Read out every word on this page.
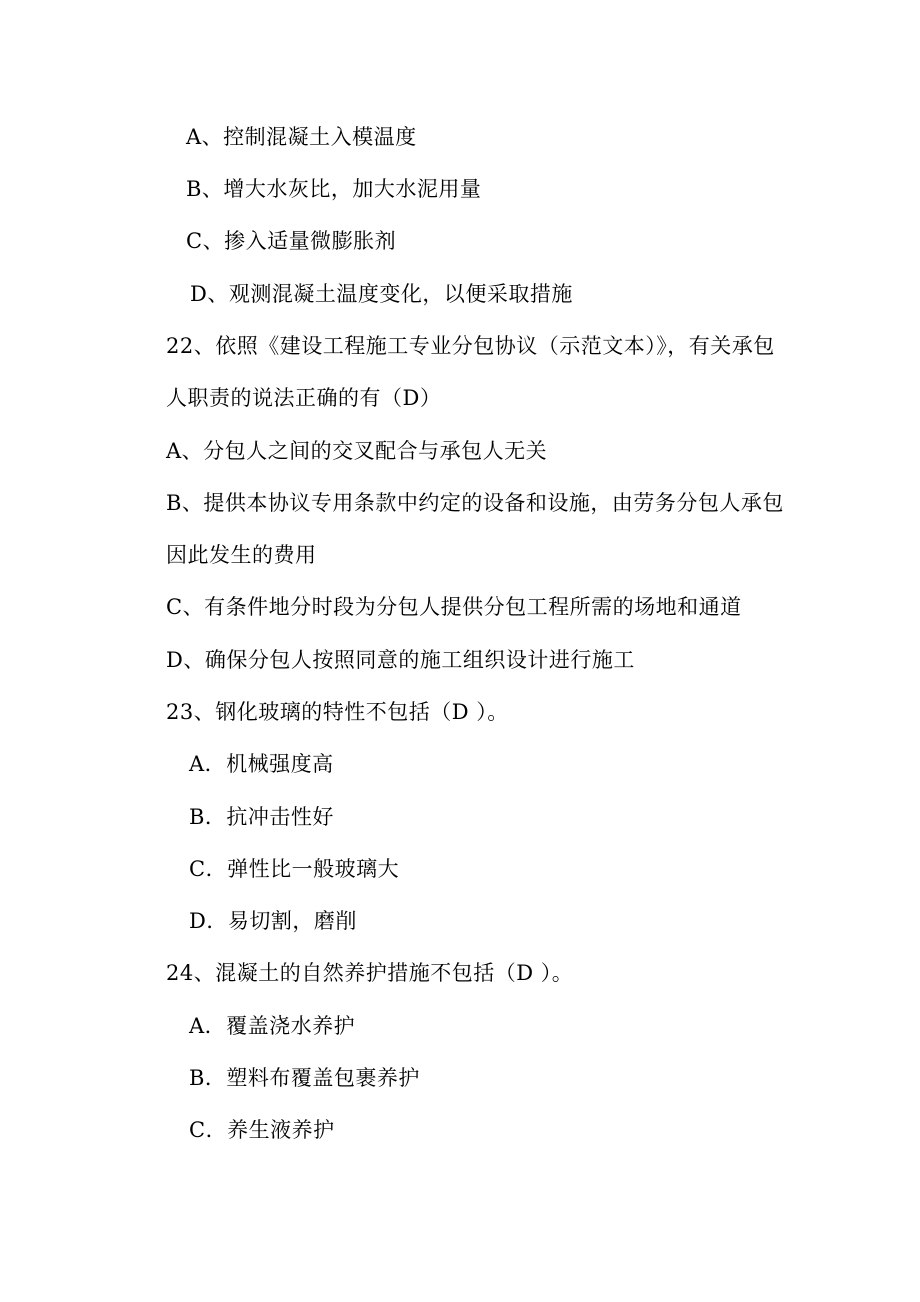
A、控制混凝土入模温度
B、增大水灰比，加大水泥用量
C、掺入适量微膨胀剂
D、观测混凝土温度变化，以便采取措施
22、依照《建设工程施工专业分包协议（示范文本）》，有关承包
人职责的说法正确的有（D）
A、分包人之间的交叉配合与承包人无关
B、提供本协议专用条款中约定的设备和设施，由劳务分包人承包
因此发生的费用
C、有条件地分时段为分包人提供分包工程所需的场地和通道
D、确保分包人按照同意的施工组织设计进行施工
23、钢化玻璃的特性不包括（D ）。
A．机械强度高
B．抗冲击性好
C．弹性比一般玻璃大
D．易切割，磨削
24、混凝土的自然养护措施不包括（D ）。
A．覆盖浇水养护
B．塑料布覆盖包裹养护
C．养生液养护
